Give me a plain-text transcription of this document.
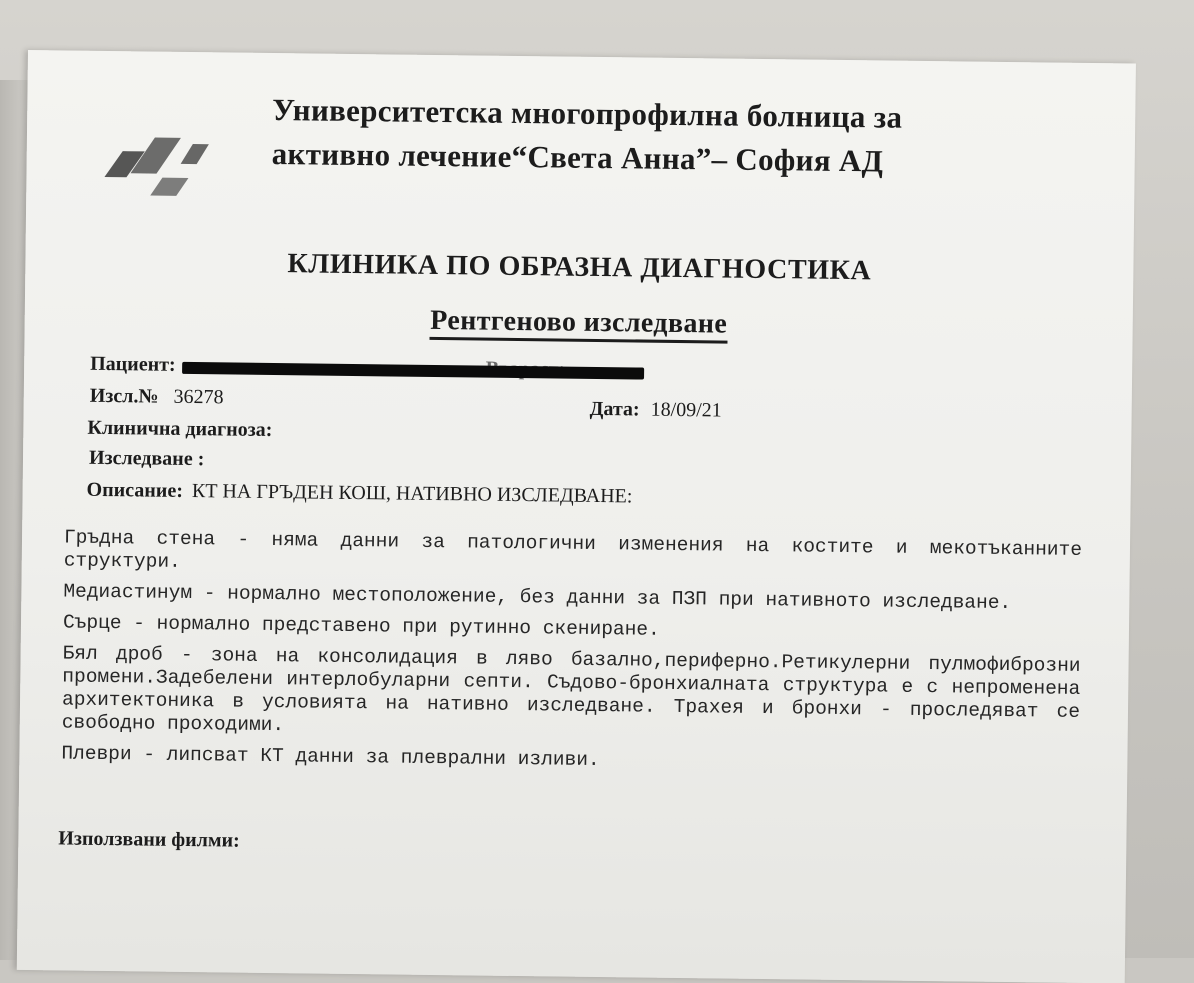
Университетска многопрофилна болница за
активно лечение“Света Анна”– София АД
КЛИНИКА ПО ОБРАЗНА ДИАГНОСТИКА
Рентгеново изследване
Пациент:
Изсл.№ 36278
Дата: 18/09/21
Клинична диагноза:
Изследване :
Описание: КТ НА ГРЪДЕН КОШ, НАТИВНО ИЗСЛЕДВАНЕ:

Гръдна стена - няма данни за патологични изменения на костите и мекотъканните структури.

Медиастинум - нормално местоположение, без данни за ПЗП при нативното изследване.

Сърце - нормално представено при рутинно скениране.

Бял дроб - зона на консолидация в ляво базално,периферно.Ретикулерни пулмофиброзни промени.Задебелени интерлобуларни септи. Съдово-бронхиалната структура е с непроменена архитектоника в условията на нативно изследване. Трахея и бронхи - проследяват се свободно проходими.

Плеври - липсват КТ данни за плеврални изливи.

Използвани филми:
